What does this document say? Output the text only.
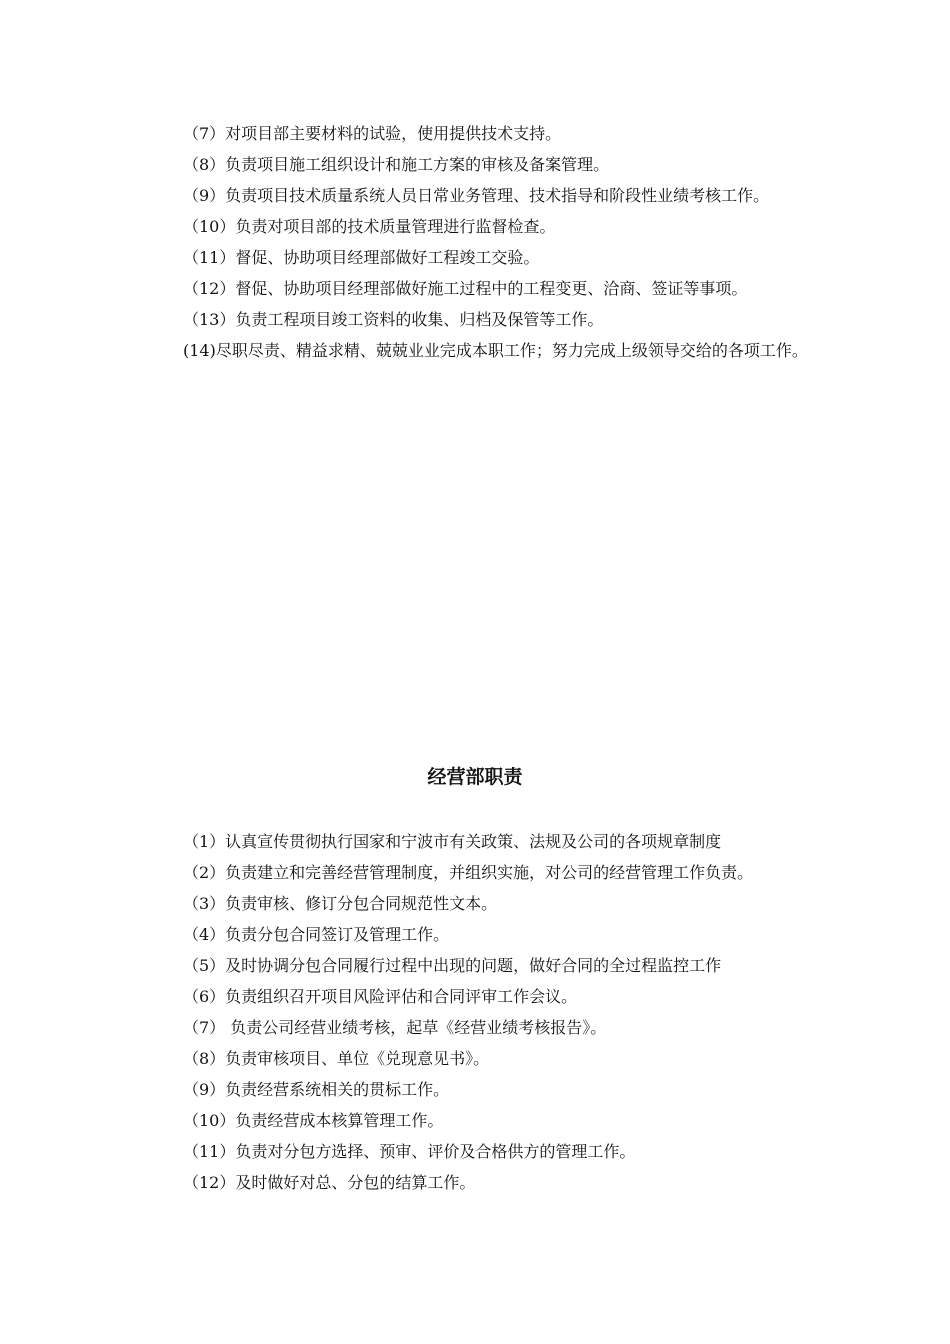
（7）对项目部主要材料的试验，使用提供技术支持。

（8）负责项目施工组织设计和施工方案的审核及备案管理。

（9）负责项目技术质量系统人员日常业务管理、技术指导和阶段性业绩考核工作。

（10）负责对项目部的技术质量管理进行监督检查。

（11）督促、协助项目经理部做好工程竣工交验。

（12）督促、协助项目经理部做好施工过程中的工程变更、洽商、签证等事项。

（13）负责工程项目竣工资料的收集、归档及保管等工作。

(14)尽职尽责、精益求精、兢兢业业完成本职工作；努力完成上级领导交给的各项工作。

经营部职责

（1）认真宣传贯彻执行国家和宁波市有关政策、法规及公司的各项规章制度

（2）负责建立和完善经营管理制度，并组织实施，对公司的经营管理工作负责。

（3）负责审核、修订分包合同规范性文本。

（4）负责分包合同签订及管理工作。

（5）及时协调分包合同履行过程中出现的问题，做好合同的全过程监控工作

（6）负责组织召开项目风险评估和合同评审工作会议。

（7） 负责公司经营业绩考核，起草《经营业绩考核报告》。

（8）负责审核项目、单位《兑现意见书》。

（9）负责经营系统相关的贯标工作。

（10）负责经营成本核算管理工作。

（11）负责对分包方选择、预审、评价及合格供方的管理工作。

（12）及时做好对总、分包的结算工作。
